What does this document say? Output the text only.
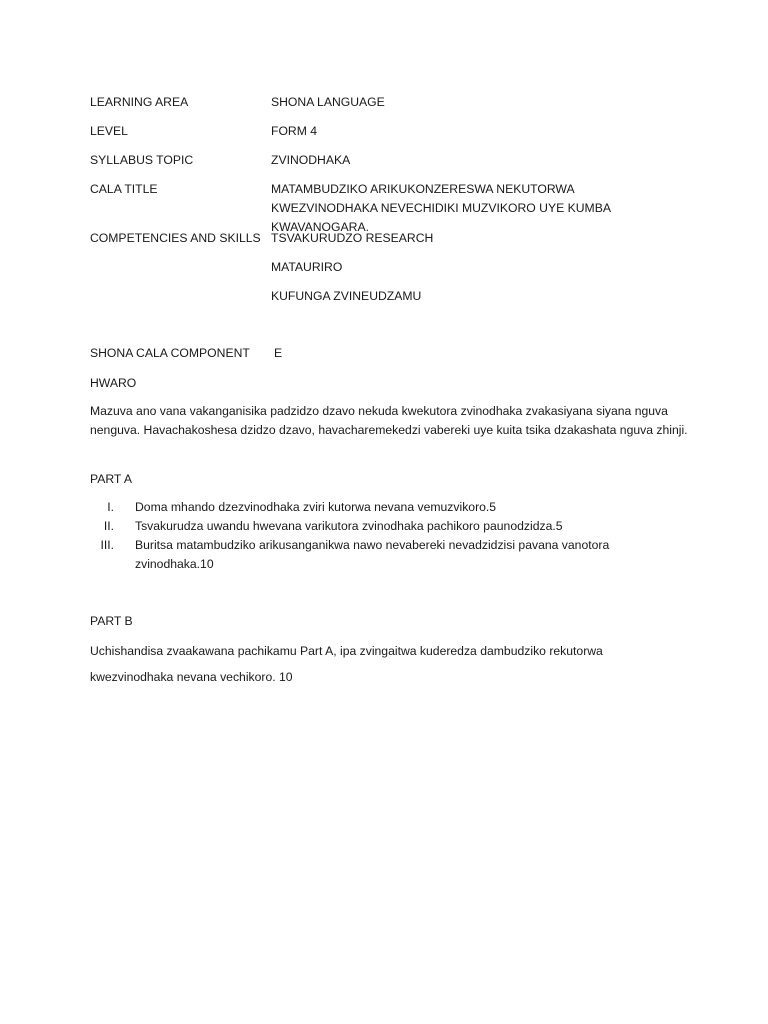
LEARNING AREA	SHONA LANGUAGE
LEVEL	FORM 4
SYLLABUS TOPIC	ZVINODHAKA
CALA TITLE	MATAMBUDZIKO ARIKUKONZERESWA NEKUTORWA KWEZVINODHAKA NEVECHIDIKI MUZVIKORO UYE KUMBA KWAVANOGARA.
COMPETENCIES AND SKILLS TSVAKURUDZO RESEARCH
MATAURIRO
KUFUNGA ZVINEUDZAMU
SHONA CALA COMPONENT E
HWARO
Mazuva ano vana vakanganisika padzidzo dzavo nekuda kwekutora zvinodhaka zvakasiyana siyana nguva nenguva. Havachakoshesa dzidzo dzavo, havacharemekedzi vabereki uye kuita tsika dzakashata nguva zhinji.
PART A
I. Doma mhando dzezvinodhaka zviri kutorwa nevana vemuzvikoro.5
II. Tsvakurudza uwandu hwevana varikutora zvinodhaka pachikoro paunodzidza.5
III. Buritsa matambudziko arikusanganikwa nawo nevabereki nevadzidzisi pavana vanotora zvinodhaka.10
PART B
Uchishandisa zvaakawana pachikamu Part A, ipa zvingaitwa kuderedza dambudziko rekutorwa
kwezvinodhaka nevana vechikoro. 10
